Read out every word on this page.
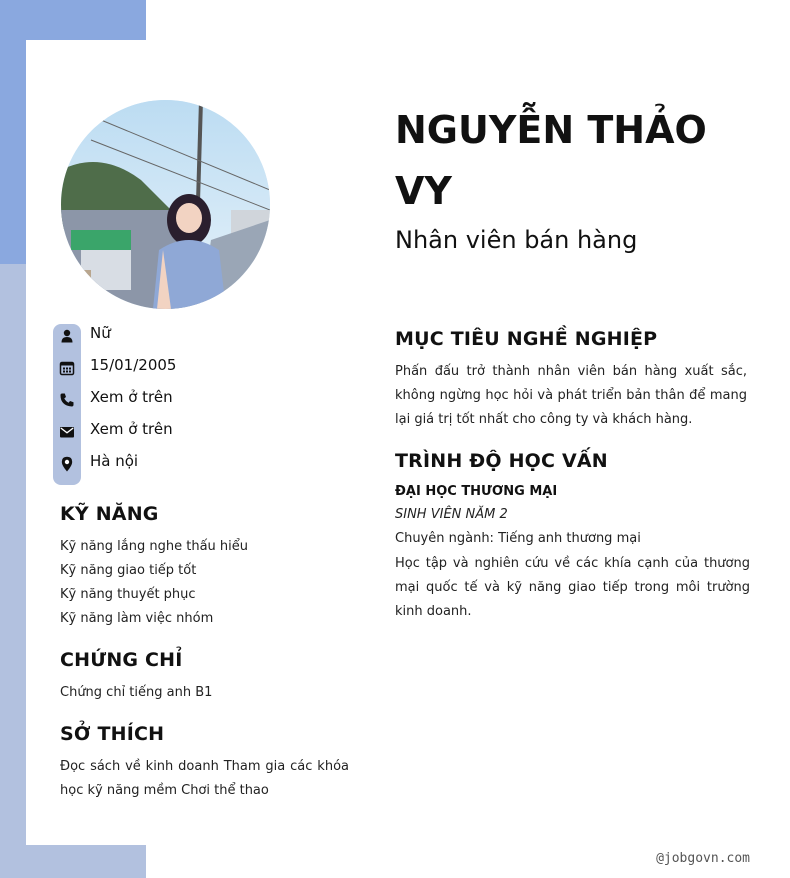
Nữ
15/01/2005
Xem ở trên
Xem ở trên
Hà nội
KỸ NĂNG
Kỹ năng lắng nghe thấu hiểu
Kỹ năng giao tiếp tốt
Kỹ năng thuyết phục
Kỹ năng làm việc nhóm
CHỨNG CHỈ
Chứng chỉ tiếng anh B1
SỞ THÍCH
Đọc sách về kinh doanh Tham gia các khóa học kỹ năng mềm Chơi thể thao
NGUYỄN THẢO VY
Nhân viên bán hàng
MỤC TIÊU NGHỀ NGHIỆP
Phấn đấu trở thành nhân viên bán hàng xuất sắc, không ngừng học hỏi và phát triển bản thân để mang lại giá trị tốt nhất cho công ty và khách hàng.
TRÌNH ĐỘ HỌC VẤN
ĐẠI HỌC THƯƠNG MẠI
SINH VIÊN NĂM 2
Chuyên ngành: Tiếng anh thương mại
Học tập và nghiên cứu về các khía cạnh của thương mại quốc tế và kỹ năng giao tiếp trong môi trường kinh doanh.
@jobgovn.com
